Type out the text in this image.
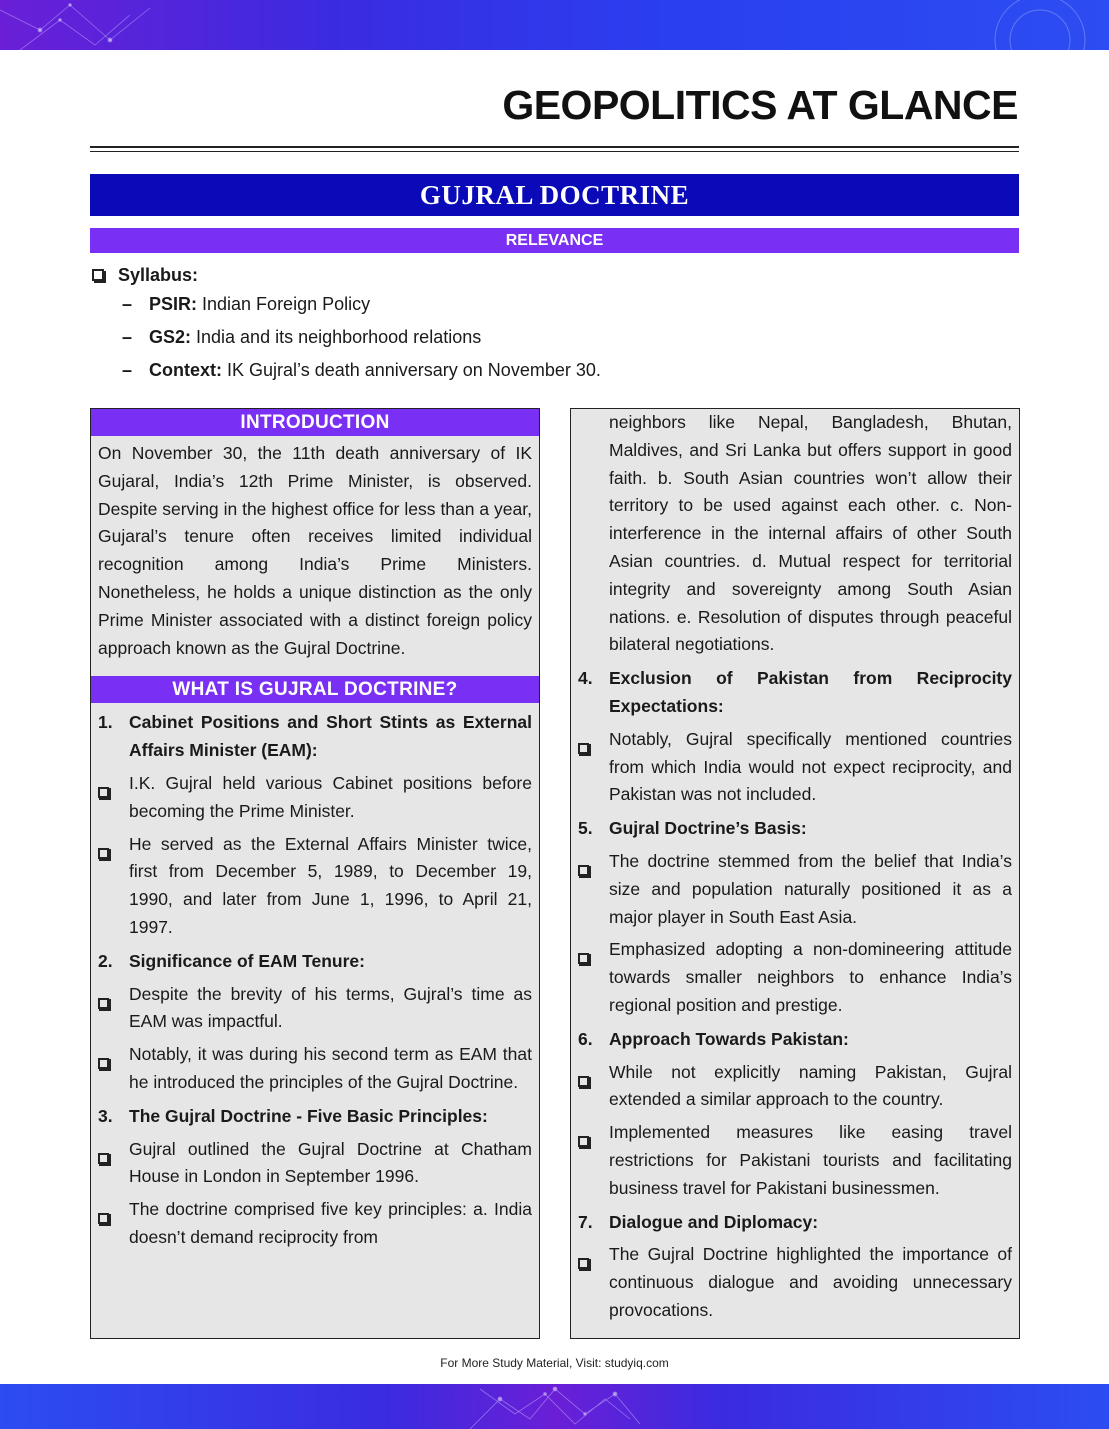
GEOPOLITICS AT GLANCE
GUJRAL DOCTRINE
RELEVANCE
Syllabus:
– PSIR: Indian Foreign Policy
– GS2: India and its neighborhood relations
– Context: IK Gujral’s death anniversary on November 30.
INTRODUCTION
On November 30, the 11th death anniversary of IK Gujaral, India’s 12th Prime Minister, is observed. Despite serving in the highest office for less than a year, Gujaral’s tenure often receives limited individual recognition among India’s Prime Ministers. Nonetheless, he holds a unique distinction as the only Prime Minister associated with a distinct foreign policy approach known as the Gujral Doctrine.
WHAT IS GUJRAL DOCTRINE?
1. Cabinet Positions and Short Stints as External Affairs Minister (EAM):
I.K. Gujral held various Cabinet positions before becoming the Prime Minister.
He served as the External Affairs Minister twice, first from December 5, 1989, to December 19, 1990, and later from June 1, 1996, to April 21, 1997.
2. Significance of EAM Tenure:
Despite the brevity of his terms, Gujral’s time as EAM was impactful.
Notably, it was during his second term as EAM that he introduced the principles of the Gujral Doctrine.
3. The Gujral Doctrine - Five Basic Principles:
Gujral outlined the Gujral Doctrine at Chatham House in London in September 1996.
The doctrine comprised five key principles: a. India doesn’t demand reciprocity from
neighbors like Nepal, Bangladesh, Bhutan, Maldives, and Sri Lanka but offers support in good faith. b. South Asian countries won’t allow their territory to be used against each other. c. Non-interference in the internal affairs of other South Asian countries. d. Mutual respect for territorial integrity and sovereignty among South Asian nations. e. Resolution of disputes through peaceful bilateral negotiations.
4. Exclusion of Pakistan from Reciprocity Expectations:
Notably, Gujral specifically mentioned countries from which India would not expect reciprocity, and Pakistan was not included.
5. Gujral Doctrine’s Basis:
The doctrine stemmed from the belief that India’s size and population naturally positioned it as a major player in South East Asia.
Emphasized adopting a non-domineering attitude towards smaller neighbors to enhance India’s regional position and prestige.
6. Approach Towards Pakistan:
While not explicitly naming Pakistan, Gujral extended a similar approach to the country.
Implemented measures like easing travel restrictions for Pakistani tourists and facilitating business travel for Pakistani businessmen.
7. Dialogue and Diplomacy:
The Gujral Doctrine highlighted the importance of continuous dialogue and avoiding unnecessary provocations.
For More Study Material, Visit: studyiq.com
